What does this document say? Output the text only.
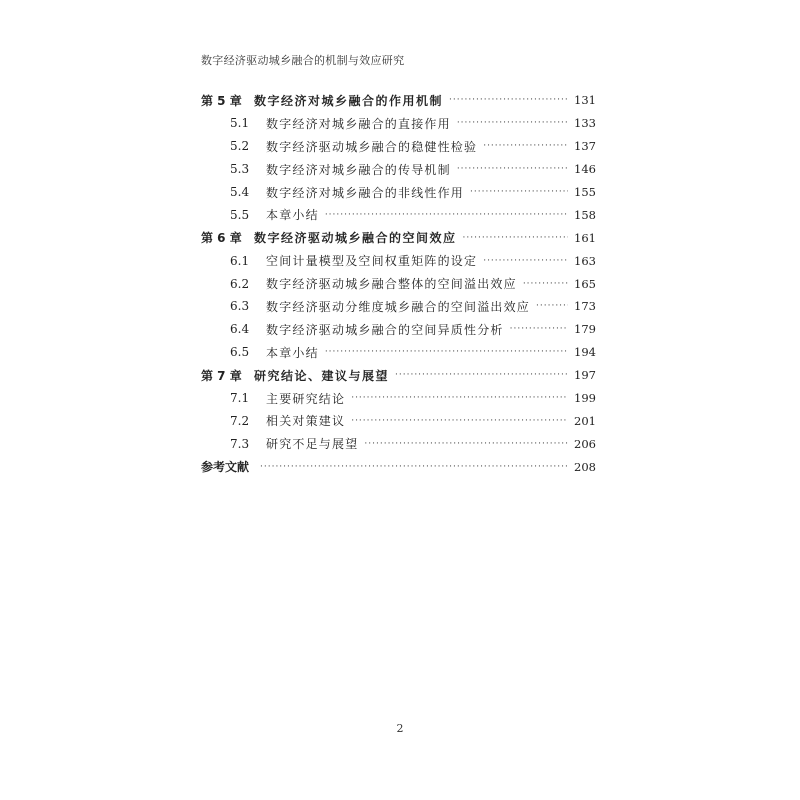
数字经济驱动城乡融合的机制与效应研究
第 5 章	数字经济对城乡融合的作用机制 ·····	131
5.1	数字经济对城乡融合的直接作用 ·····	133
5.2	数字经济驱动城乡融合的稳健性检验 ·····	137
5.3	数字经济对城乡融合的传导机制 ·····	146
5.4	数字经济对城乡融合的非线性作用 ·····	155
5.5	本章小结 ·····	158
第 6 章	数字经济驱动城乡融合的空间效应 ·····	161
6.1	空间计量模型及空间权重矩阵的设定 ·····	163
6.2	数字经济驱动城乡融合整体的空间溢出效应 ·····	165
6.3	数字经济驱动分维度城乡融合的空间溢出效应 ·····	173
6.4	数字经济驱动城乡融合的空间异质性分析 ·····	179
6.5	本章小结 ·····	194
第 7 章	研究结论、建议与展望 ·····	197
7.1	主要研究结论 ·····	199
7.2	相关对策建议 ·····	201
7.3	研究不足与展望 ·····	206
参考文献 ·····	208
2
